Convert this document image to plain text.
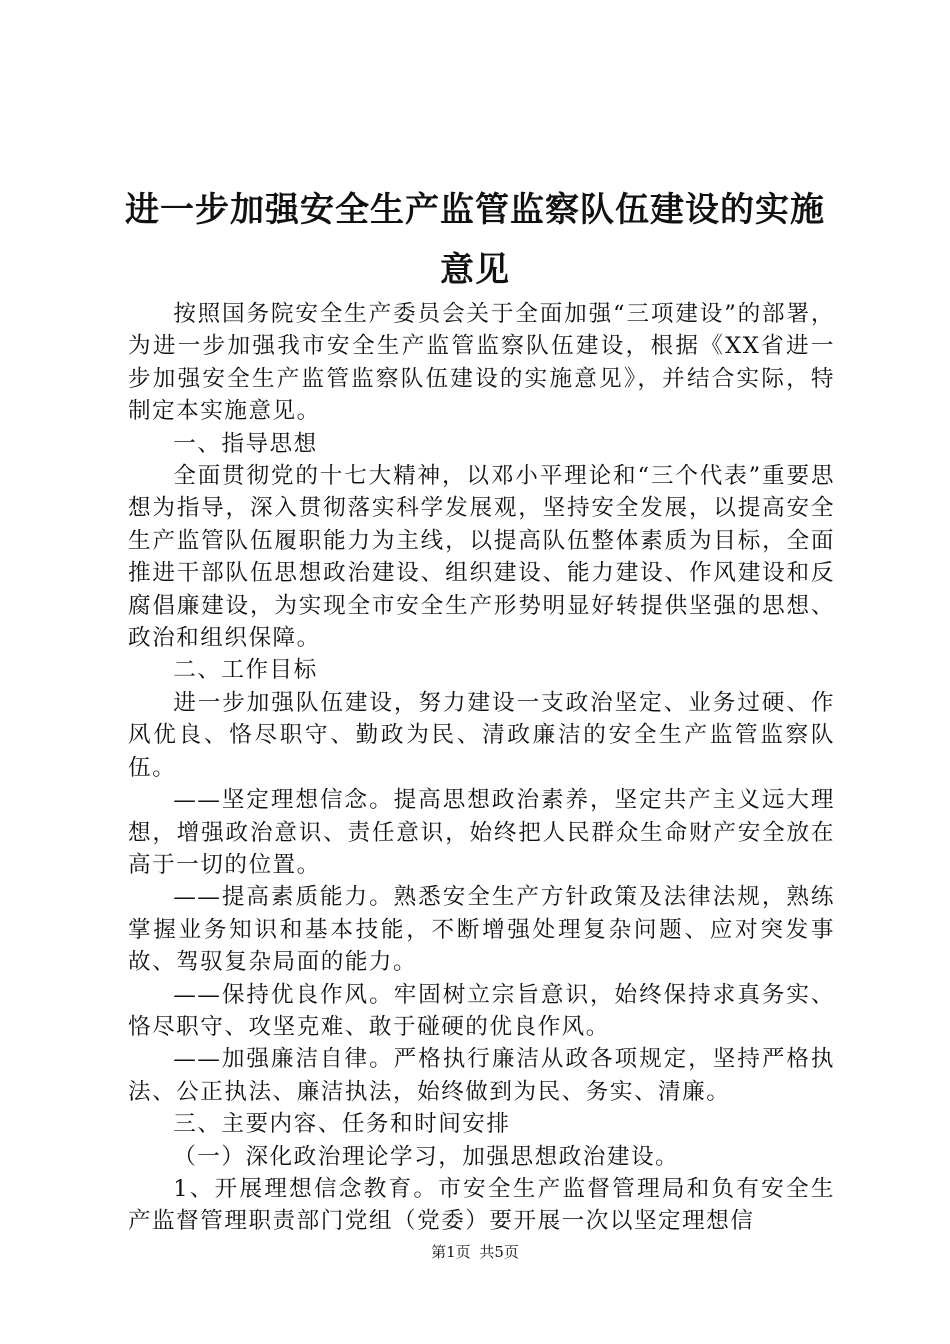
进一步加强安全生产监管监察队伍建设的实施
意见

按照国务院安全生产委员会关于全面加强“三项建设”的部署，为进一步加强我市安全生产监管监察队伍建设，根据《XX省进一步加强安全生产监管监察队伍建设的实施意见》，并结合实际，特制定本实施意见。

一、指导思想

全面贯彻党的十七大精神，以邓小平理论和“三个代表”重要思想为指导，深入贯彻落实科学发展观，坚持安全发展，以提高安全生产监管队伍履职能力为主线，以提高队伍整体素质为目标，全面推进干部队伍思想政治建设、组织建设、能力建设、作风建设和反腐倡廉建设，为实现全市安全生产形势明显好转提供坚强的思想、政治和组织保障。

二、工作目标

进一步加强队伍建设，努力建设一支政治坚定、业务过硬、作风优良、恪尽职守、勤政为民、清政廉洁的安全生产监管监察队伍。

——坚定理想信念。提高思想政治素养，坚定共产主义远大理想，增强政治意识、责任意识，始终把人民群众生命财产安全放在高于一切的位置。

——提高素质能力。熟悉安全生产方针政策及法律法规，熟练掌握业务知识和基本技能，不断增强处理复杂问题、应对突发事故、驾驭复杂局面的能力。

——保持优良作风。牢固树立宗旨意识，始终保持求真务实、恪尽职守、攻坚克难、敢于碰硬的优良作风。

——加强廉洁自律。严格执行廉洁从政各项规定，坚持严格执法、公正执法、廉洁执法，始终做到为民、务实、清廉。

三、主要内容、任务和时间安排

（一）深化政治理论学习，加强思想政治建设。

1、开展理想信念教育。市安全生产监督管理局和负有安全生产监督管理职责部门党组（党委）要开展一次以坚定理想信

第1页 共5页
